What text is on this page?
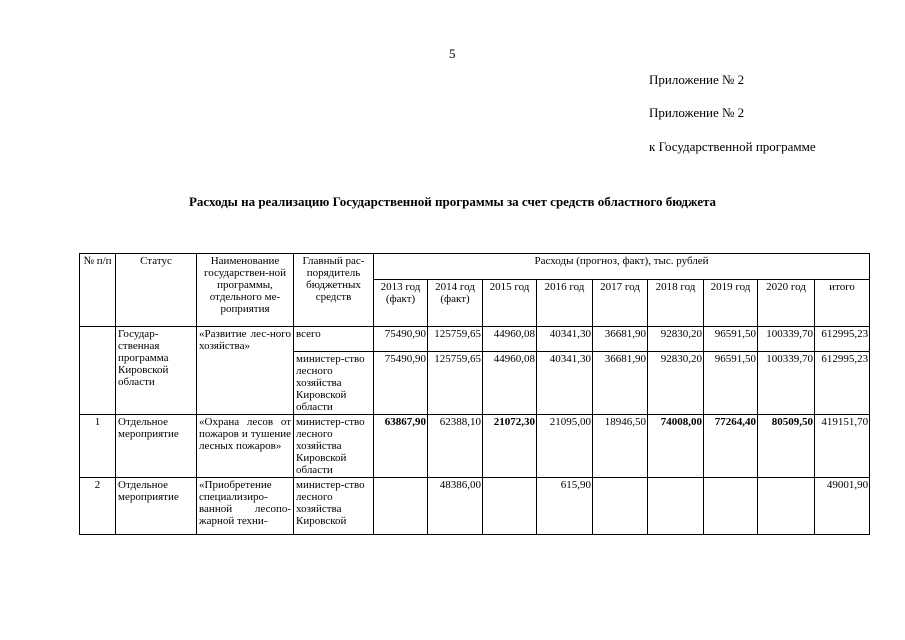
5
Приложение № 2
Приложение № 2
к Государственной программе
Расходы на реализацию Государственной программы за счет средств областного бюджета
№ п/п	Статус	Наименование государствен-ной программы, отдельного ме-роприятия	Главный рас-порядитель бюджетных средств	Расходы (прогноз, факт), тыс. рублей								
				2013 год (факт)	2014 год (факт)	2015 год	2016 год	2017 год	2018 год	2019 год	2020 год	итого
	Государ-ственная программа Кировской области	«Развитие лес-ного хозяйства»	всего	75490,90	125759,65	44960,08	40341,30	36681,90	92830,20	96591,50	100339,70	612995,23
			министер-ство лесного хозяйства Кировской области	75490,90	125759,65	44960,08	40341,30	36681,90	92830,20	96591,50	100339,70	612995,23
1	Отдельное мероприятие	«Охрана лесов от пожаров и тушение лесных пожаров»	министер-ство лесного хозяйства Кировской области	63867,90	62388,10	21072,30	21095,00	18946,50	74008,00	77264,40	80509,50	419151,70
2	Отдельное мероприятие	«Приобретение специализиро-ванной лесопо-жарной техни-	министер-ство лесного хозяйства Кировской		48386,00		615,90					49001,90
